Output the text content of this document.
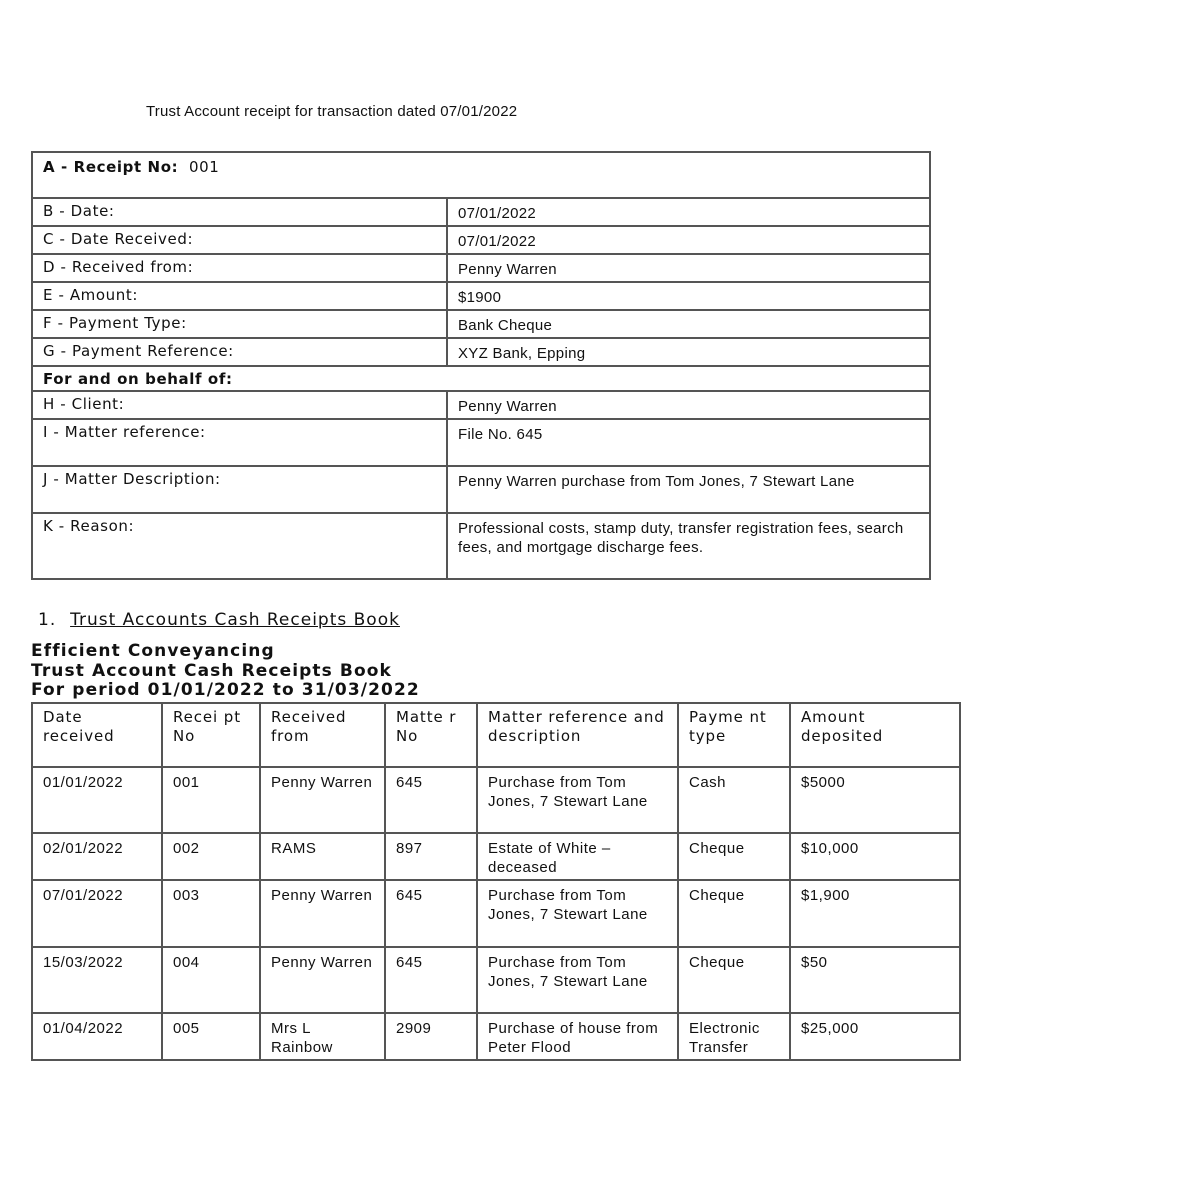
Trust Account receipt for transaction dated 07/01/2022
A - Receipt No: 001	
B - Date:	07/01/2022
C - Date Received:	07/01/2022
D - Received from:	Penny Warren
E - Amount:	$1900
F - Payment Type:	Bank Cheque
G - Payment Reference:	XYZ Bank, Epping
For and on behalf of:	
H - Client:	Penny Warren
I - Matter reference:	File No. 645
J - Matter Description:	Penny Warren purchase from Tom Jones, 7 Stewart Lane
K - Reason:	Professional costs, stamp duty, transfer registration fees, search fees, and mortgage discharge fees.
1. Trust Accounts Cash Receipts Book
Efficient Conveyancing
Trust Account Cash Receipts Book
For period 01/01/2022 to 31/03/2022
Date received	Recei pt No	Received from	Matte r No	Matter reference and description	Payme nt type	Amount deposited
01/01/2022	001	Penny Warren	645	Purchase from Tom Jones, 7 Stewart Lane	Cash	$5000
02/01/2022	002	RAMS	897	Estate of White – deceased	Cheque	$10,000
07/01/2022	003	Penny Warren	645	Purchase from Tom Jones, 7 Stewart Lane	Cheque	$1,900
15/03/2022	004	Penny Warren	645	Purchase from Tom Jones, 7 Stewart Lane	Cheque	$50
01/04/2022	005	Mrs L Rainbow	2909	Purchase of house from Peter Flood	Electronic Transfer	$25,000
